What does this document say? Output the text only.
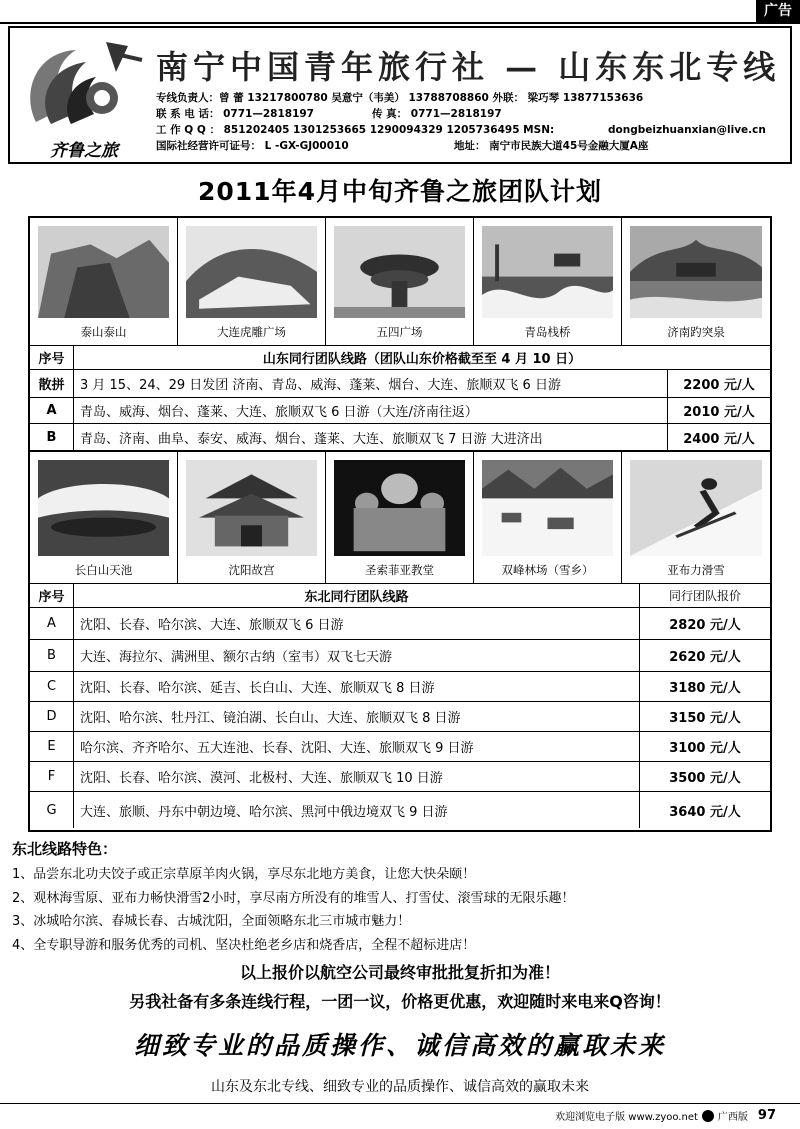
广告
齐鲁之旅
南宁中国青年旅行社 — 山东东北专线
专线负责人：曾 蕾 13217800780 吴意宁（韦美） 13788708860 外联： 梁巧琴 13877153636
联 系 电 话： 0771—2818197	传 真： 0771—2818197
工 作 Q Q ： 851202405 1301253665 1290094329 1205736495 MSN:	dongbeizhuanxian@live.cn
国际社经营许可证号： L -GX-GJ00010	地址： 南宁市民族大道45号金融大厦A座
2011年4月中旬齐鲁之旅团队计划
泰山泰山	大连虎雕广场	五四广场	青岛栈桥	济南趵突泉
序号	山东同行团队线路（团队山东价格截至至 4 月 10 日）
散拼	3 月 15、24、29 日发团 济南、青岛、威海、蓬莱、烟台、大连、旅顺双飞 6 日游	2200 元/人
A	青岛、威海、烟台、蓬莱、大连、旅顺双飞 6 日游（大连/济南往返）	2010 元/人
B	青岛、济南、曲阜、泰安、威海、烟台、蓬莱、大连、旅顺双飞 7 日游 大进济出	2400 元/人
长白山天池	沈阳故宫	圣索菲亚教堂	双峰林场（雪乡）	亚布力滑雪
序号	东北同行团队线路	同行团队报价
A	沈阳、长春、哈尔滨、大连、旅顺双飞 6 日游	2820 元/人
B	大连、海拉尔、满洲里、额尔古纳（室韦）双飞七天游	2620 元/人
C	沈阳、长春、哈尔滨、延吉、长白山、大连、旅顺双飞 8 日游	3180 元/人
D	沈阳、哈尔滨、牡丹江、镜泊湖、长白山、大连、旅顺双飞 8 日游	3150 元/人
E	哈尔滨、齐齐哈尔、五大连池、长春、沈阳、大连、旅顺双飞 9 日游	3100 元/人
F	沈阳、长春、哈尔滨、漠河、北极村、大连、旅顺双飞 10 日游	3500 元/人
G	大连、旅顺、丹东中朝边境、哈尔滨、黑河中俄边境双飞 9 日游	3640 元/人
东北线路特色：
1、品尝东北功夫饺子或正宗草原羊肉火锅，享尽东北地方美食，让您大快朵颐！
2、观林海雪原、亚布力畅快滑雪2小时，享尽南方所没有的堆雪人、打雪仗、滚雪球的无限乐趣！
3、冰城哈尔滨、春城长春、古城沈阳，全面领略东北三市城市魅力！
4、全专职导游和服务优秀的司机、坚决杜绝老乡店和烧香店，全程不超标进店！
以上报价以航空公司最终审批批复折扣为准！
另我社备有多条连线行程，一团一议，价格更优惠，欢迎随时来电来Q咨询！
细致专业的品质操作、诚信高效的赢取未来
山东及东北专线、细致专业的品质操作、诚信高效的赢取未来
欢迎浏览电子版 www.zyoo.net 广西版 97
